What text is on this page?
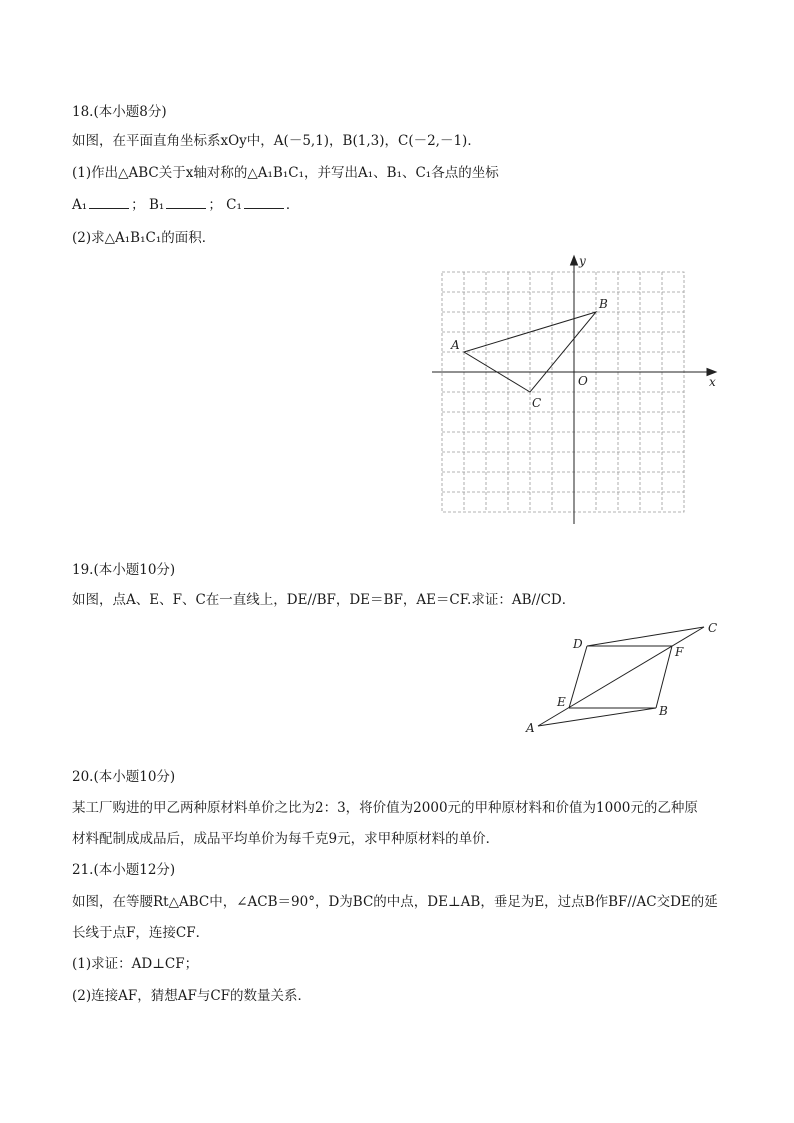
18.(本小题8分)
如图，在平面直角坐标系xOy中，A(－5,1)，B(1,3)，C(－2,－1)．
(1)作出△ABC关于x轴对称的△A₁B₁C₁，并写出A₁、B₁、C₁各点的坐标
A₁	； B₁	； C₁	．
(2)求△A₁B₁C₁的面积．
x
y
O
A
B
C
19.(本小题10分)
如图，点A、E、F、C在一直线上，DE//BF，DE＝BF，AE＝CF.求证：AB//CD．
A
B
C
D
E
F
20.(本小题10分)
某工厂购进的甲乙两种原材料单价之比为2：3，将价值为2000元的甲种原材料和价值为1000元的乙种原
材料配制成成品后，成品平均单价为每千克9元，求甲种原材料的单价．
21.(本小题12分)
如图，在等腰Rt△ABC中，∠ACB＝90°，D为BC的中点，DE⊥AB，垂足为E，过点B作BF//AC交DE的延
长线于点F，连接CF．
(1)求证：AD⊥CF；
(2)连接AF，猜想AF与CF的数量关系．
